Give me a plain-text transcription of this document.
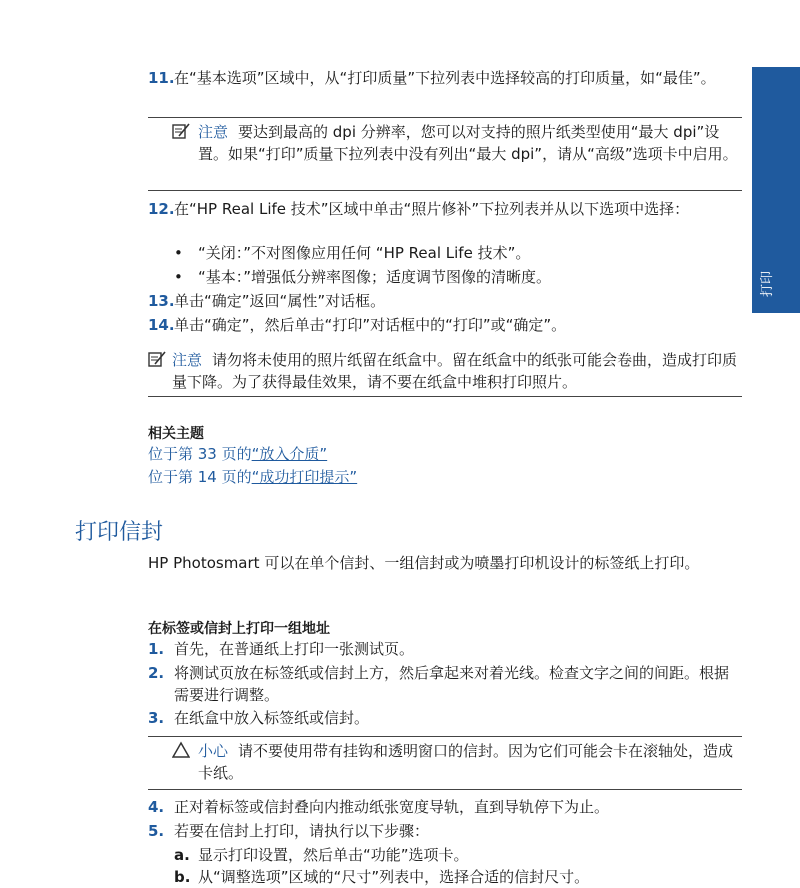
打印
11. 在“基本选项”区域中，从“打印质量”下拉列表中选择较高的打印质量，如“最佳”。
注意 要达到最高的 dpi 分辨率，您可以对支持的照片纸类型使用“最大 dpi”设置。如果“打印”质量下拉列表中没有列出“最大 dpi”，请从“高级”选项卡中启用。
12. 在“HP Real Life 技术”区域中单击“照片修补”下拉列表并从以下选项中选择：
• “关闭：”不对图像应用任何 “HP Real Life 技术”。
• “基本：”增强低分辨率图像；适度调节图像的清晰度。
13. 单击“确定”返回“属性”对话框。
14. 单击“确定”，然后单击“打印”对话框中的“打印”或“确定”。
注意 请勿将未使用的照片纸留在纸盒中。留在纸盒中的纸张可能会卷曲，造成打印质量下降。为了获得最佳效果，请不要在纸盒中堆积打印照片。
相关主题
位于第 33 页的“放入介质”
位于第 14 页的“成功打印提示”
打印信封
HP Photosmart 可以在单个信封、一组信封或为喷墨打印机设计的标签纸上打印。
在标签或信封上打印一组地址
1. 首先，在普通纸上打印一张测试页。
2. 将测试页放在标签纸或信封上方，然后拿起来对着光线。检查文字之间的间距。根据需要进行调整。
3. 在纸盒中放入标签纸或信封。
小心 请不要使用带有挂钩和透明窗口的信封。因为它们可能会卡在滚轴处，造成卡纸。
4. 正对着标签或信封叠向内推动纸张宽度导轨，直到导轨停下为止。
5. 若要在信封上打印，请执行以下步骤：
a. 显示打印设置，然后单击“功能”选项卡。
b. 从“调整选项”区域的“尺寸”列表中，选择合适的信封尺寸。
